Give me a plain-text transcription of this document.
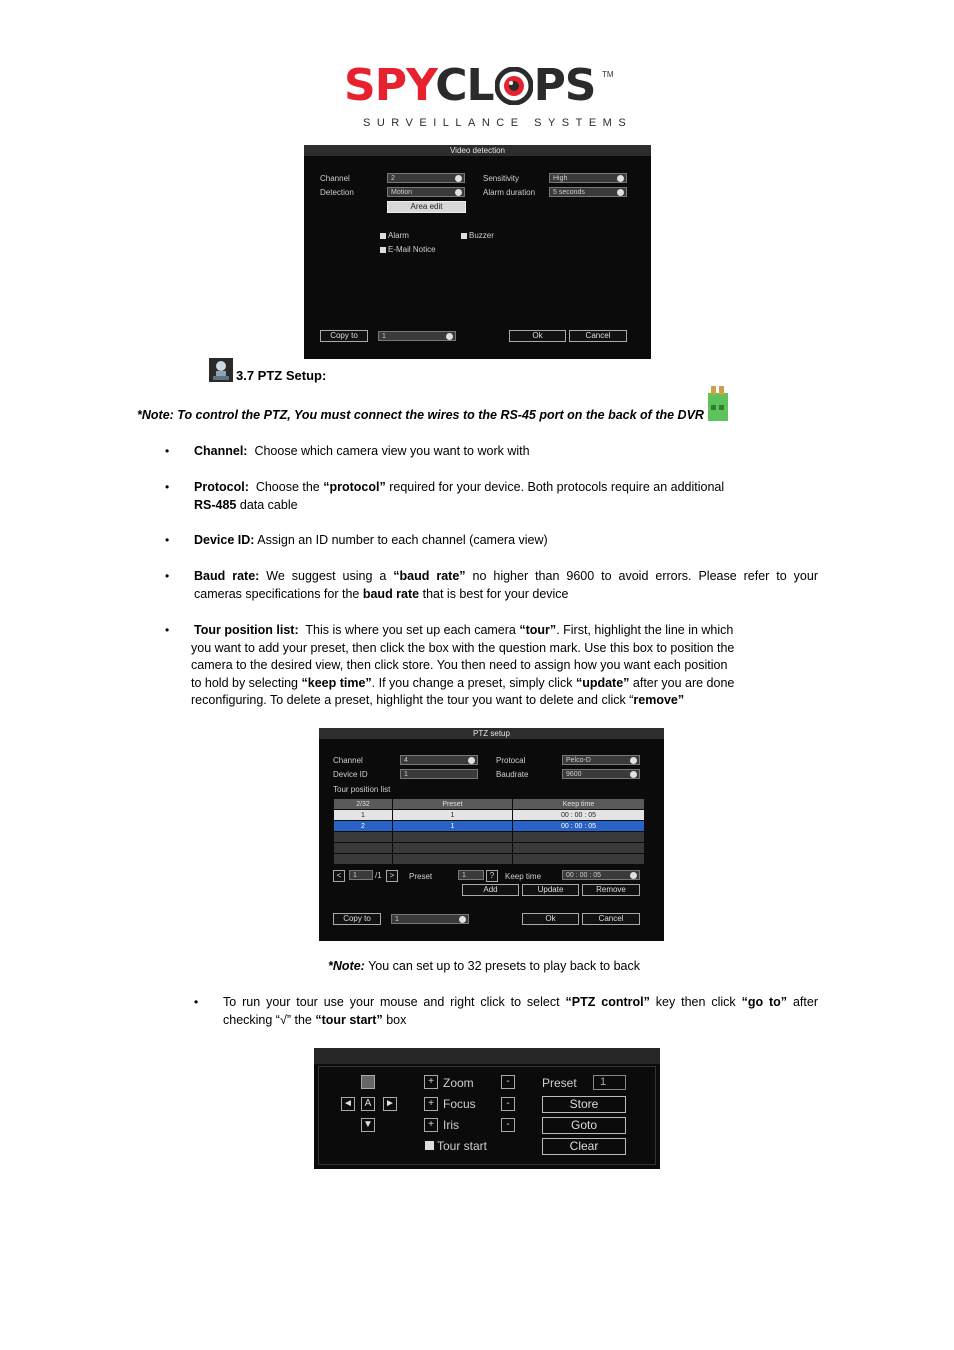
SPYCL PS TM
SURVEILLANCE SYSTEMS
Video detection
Channel	2
Detection	Motion
Area edit
Sensitivity	High
Alarm duration	5 seconds
Alarm	Buzzer
E-Mail Notice
Copy to	1	Ok	Cancel
3.7 PTZ Setup:
*Note: To control the PTZ, You must connect the wires to the RS-45 port on the back of the DVR
• Channel: Choose which camera view you want to work with
• Protocol: Choose the “protocol” required for your device. Both protocols require an additional
RS-485 data cable
• Device ID: Assign an ID number to each channel (camera view)
• Baud rate: We suggest using a “baud rate” no higher than 9600 to avoid errors. Please refer to your
cameras specifications for the baud rate that is best for your device
• Tour position list: This is where you set up each camera “tour”. First, highlight the line in which
you want to add your preset, then click the box with the question mark. Use this box to position the
camera to the desired view, then click store. You then need to assign how you want each position
to hold by selecting “keep time”. If you change a preset, simply click “update” after you are done
reconfiguring. To delete a preset, highlight the tour you want to delete and click “remove”
PTZ setup
Channel	4
Device ID	1
Protocal	Pelco-D
Baudrate	9600
Tour position list
2/32	Preset	Keep time
1	1	00 : 00 : 05
2	1	00 : 00 : 05

<	1	/1 >	Preset	1	?	Keep time	00 : 00 : 05
Add	Update	Remove
Copy to	1	Ok	Cancel
*Note: You can set up to 32 presets to play back to back
• To run your tour use your mouse and right click to select “PTZ control” key then click “go to” after
checking “√” the “tour start” box
▲
◄	A	►
▼
+ Zoom	-
+ Focus	-
+ Iris	-
Tour start
Preset	1
Store
Goto
Clear
